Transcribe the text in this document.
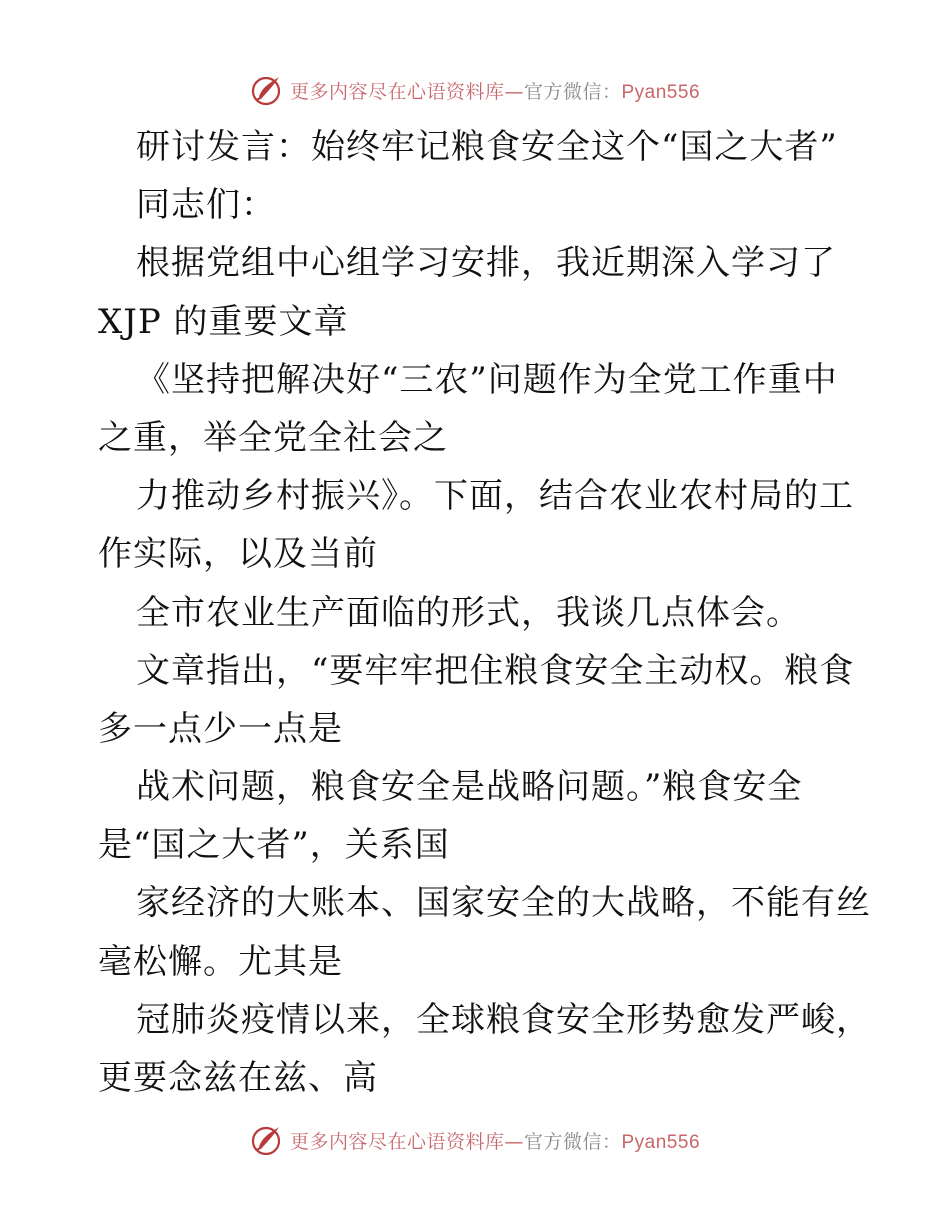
更多内容尽在心语资料库—官方微信：Pyan556
研讨发言：始终牢记粮食安全这个“国之大者”
同志们：
根据党组中心组学习安排，我近期深入学习了
XJP 的重要文章
《坚持把解决好“三农”问题作为全党工作重中
之重，举全党全社会之
力推动乡村振兴》。下面，结合农业农村局的工
作实际，以及当前
全市农业生产面临的形式，我谈几点体会。
文章指出，“要牢牢把住粮食安全主动权。粮食
多一点少一点是
战术问题，粮食安全是战略问题。”粮食安全
是“国之大者”，关系国
家经济的大账本、国家安全的大战略，不能有丝
毫松懈。尤其是
冠肺炎疫情以来，全球粮食安全形势愈发严峻，
更要念兹在兹、高
更多内容尽在心语资料库—官方微信：Pyan556
